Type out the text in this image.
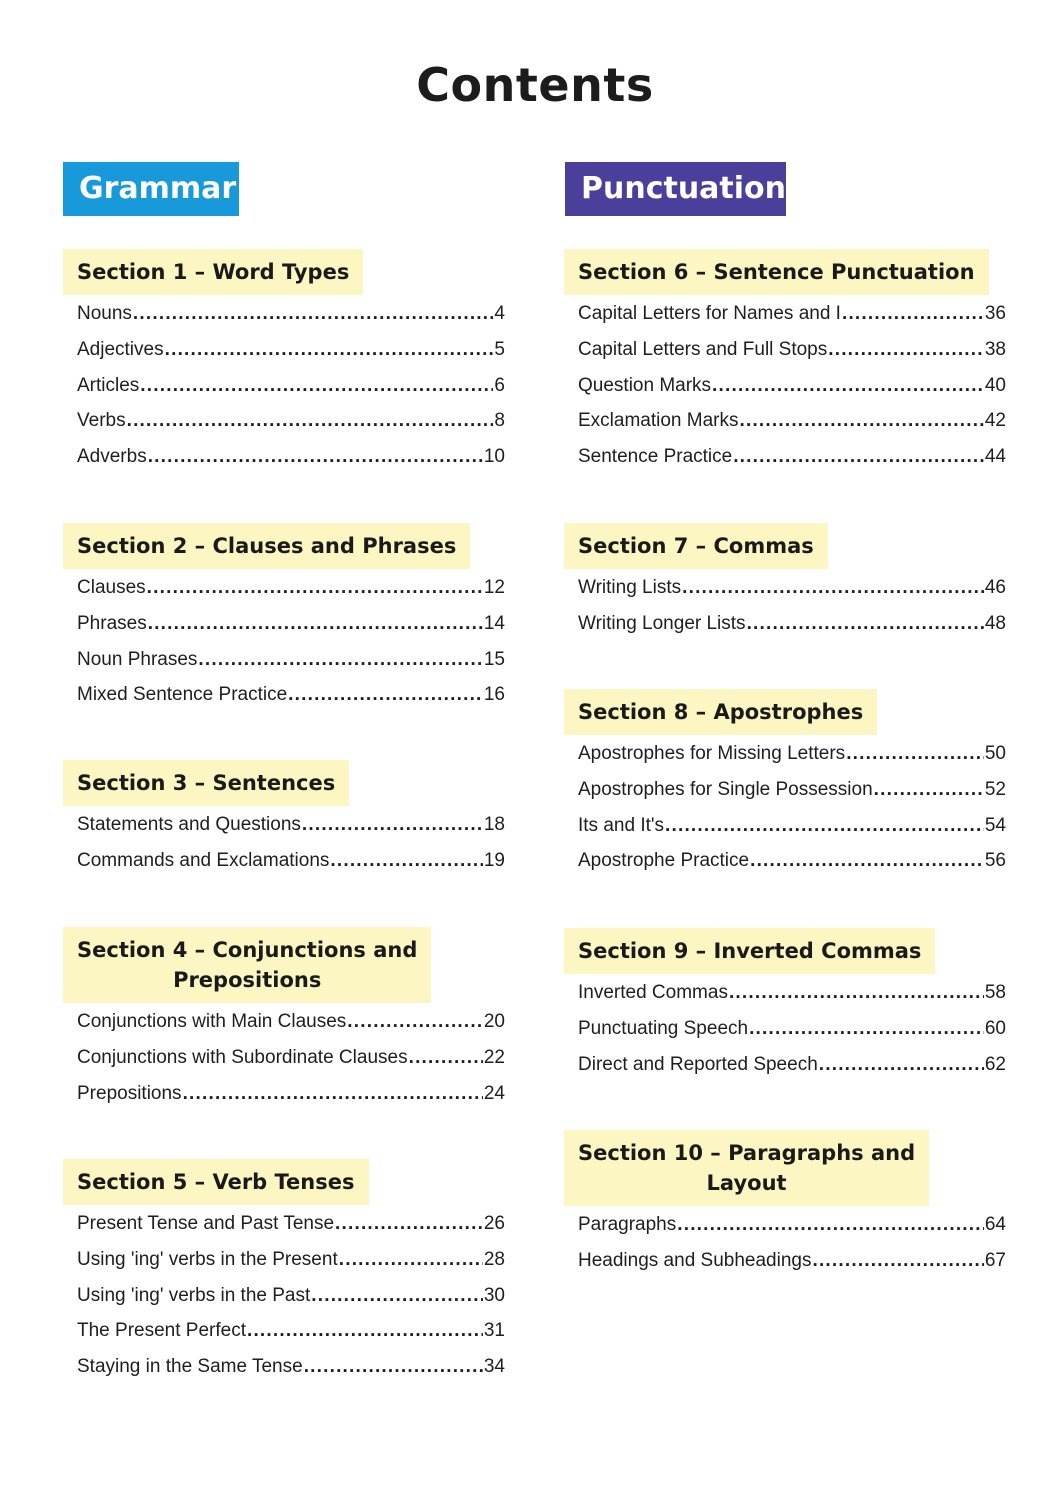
Contents
Grammar	Punctuation
Section 1 – Word Types
Nouns .....	4
Adjectives .....	5
Articles .....	6
Verbs .....	8
Adverbs .....	10
Section 2 – Clauses and Phrases
Clauses .....	12
Phrases .....	14
Noun Phrases .....	15
Mixed Sentence Practice .....	16
Section 3 – Sentences
Statements and Questions .....	18
Commands and Exclamations .....	19
Section 4 – Conjunctions and
Prepositions
Conjunctions with Main Clauses .....	20
Conjunctions with Subordinate Clauses .....	22
Prepositions .....	24
Section 5 – Verb Tenses
Present Tense and Past Tense .....	26
Using 'ing' verbs in the Present .....	28
Using 'ing' verbs in the Past .....	30
The Present Perfect .....	31
Staying in the Same Tense .....	34
Section 6 – Sentence Punctuation
Capital Letters for Names and I .....	36
Capital Letters and Full Stops .....	38
Question Marks .....	40
Exclamation Marks .....	42
Sentence Practice .....	44
Section 7 – Commas
Writing Lists .....	46
Writing Longer Lists .....	48
Section 8 – Apostrophes
Apostrophes for Missing Letters .....	50
Apostrophes for Single Possession .....	52
Its and It's .....	54
Apostrophe Practice .....	56
Section 9 – Inverted Commas
Inverted Commas .....	58
Punctuating Speech .....	60
Direct and Reported Speech .....	62
Section 10 – Paragraphs and
Layout
Paragraphs .....	64
Headings and Subheadings .....	67
